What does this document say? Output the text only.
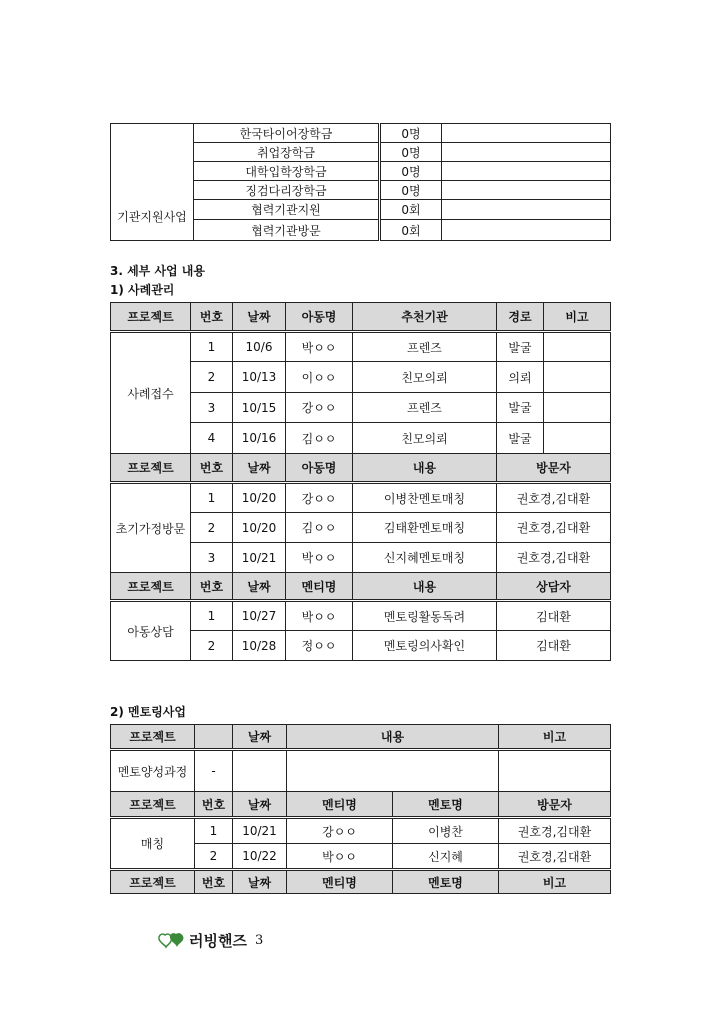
	한국타이어장학금	0명	
	취업장학금	0명	
	대학입학장학금	0명	
	징검다리장학금	0명	
기관지원사업	협력기관지원	0회	
	협력기관방문	0회	
3. 세부 사업 내용
1) 사례관리
프로젝트	번호	날짜	아동명	추천기관	경로	비고
사례접수	1	10/6	박ㅇㅇ	프렌즈	발굴	
	2	10/13	이ㅇㅇ	친모의뢰	의뢰	
	3	10/15	강ㅇㅇ	프렌즈	발굴	
	4	10/16	김ㅇㅇ	친모의뢰	발굴	
프로젝트	번호	날짜	아동명	내용	방문자	
초기가정방문	1	10/20	강ㅇㅇ	이병찬멘토매칭	권호경,김대환	
	2	10/20	김ㅇㅇ	김태환멘토매칭	권호경,김대환	
	3	10/21	박ㅇㅇ	신지혜멘토매칭	권호경,김대환	
프로젝트	번호	날짜	멘티명	내용	상담자	
아동상담	1	10/27	박ㅇㅇ	멘토링활동독려	김대환	
	2	10/28	정ㅇㅇ	멘토링의사확인	김대환	
2) 멘토링사업
프로젝트		날짜	내용		비고
멘토양성과정	-				
프로젝트	번호	날짜	멘티명	멘토명	방문자
매칭	1	10/21	강ㅇㅇ	이병찬	권호경,김대환
	2	10/22	박ㅇㅇ	신지혜	권호경,김대환
프로젝트	번호	날짜	멘티명	멘토명	비고
러빙핸즈 3
